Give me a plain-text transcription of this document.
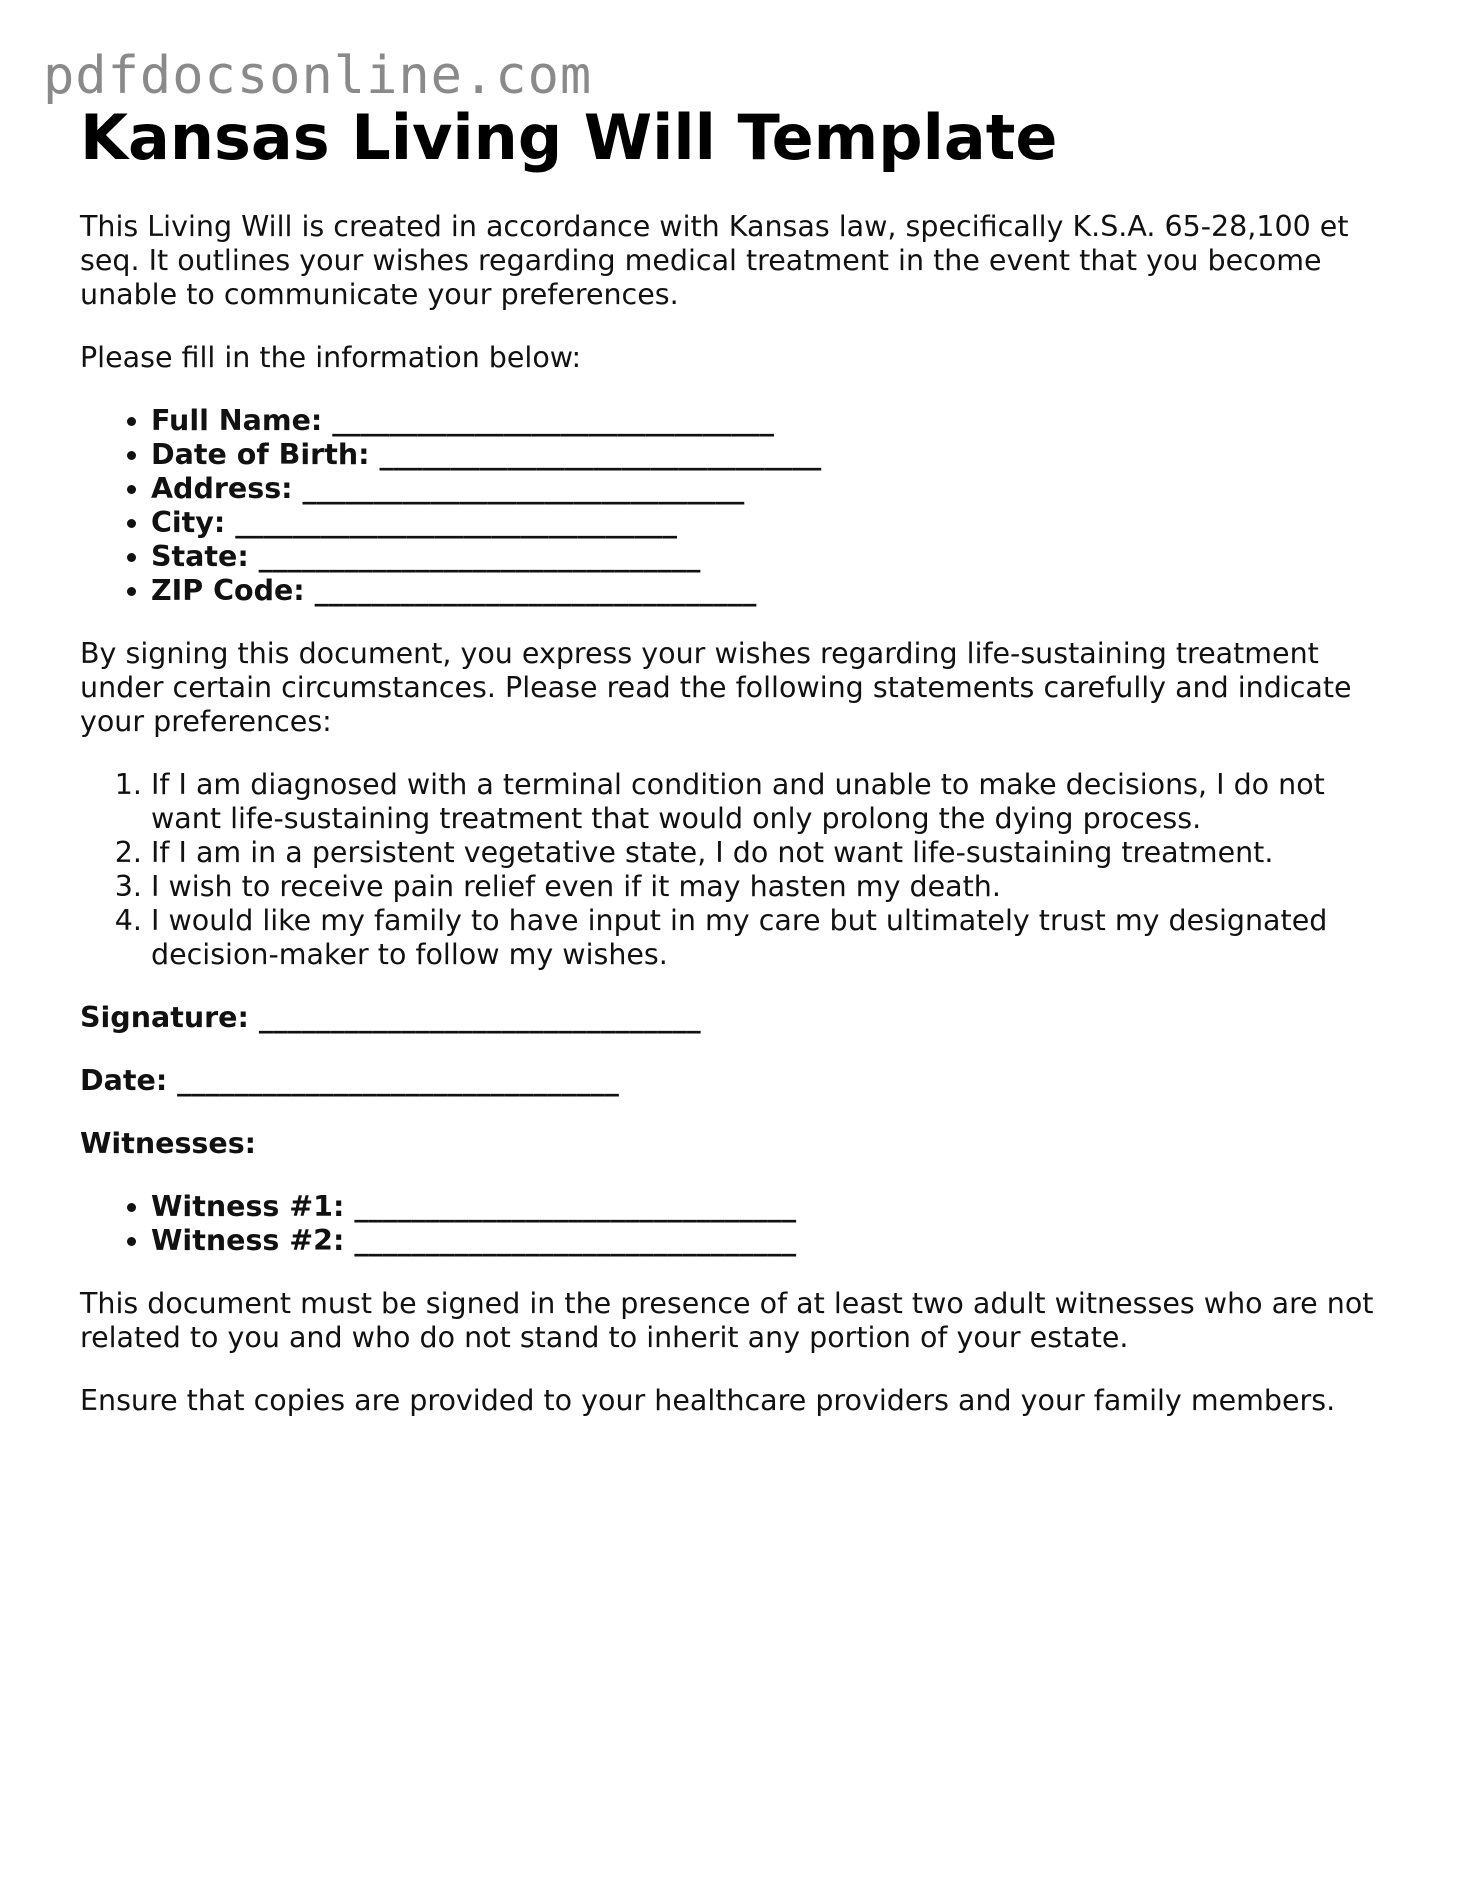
pdfdocsonline.com
Kansas Living Will Template

This Living Will is created in accordance with Kansas law, specifically K.S.A. 65-28,100 et seq. It outlines your wishes regarding medical treatment in the event that you become unable to communicate your preferences.

Please fill in the information below:

• Full Name: _______________________________
• Date of Birth: _______________________________
• Address: _______________________________
• City: _______________________________
• State: _______________________________
• ZIP Code: _______________________________

By signing this document, you express your wishes regarding life-sustaining treatment under certain circumstances. Please read the following statements carefully and indicate your preferences:

1. If I am diagnosed with a terminal condition and unable to make decisions, I do not want life-sustaining treatment that would only prolong the dying process.
2. If I am in a persistent vegetative state, I do not want life-sustaining treatment.
3. I wish to receive pain relief even if it may hasten my death.
4. I would like my family to have input in my care but ultimately trust my designated decision-maker to follow my wishes.

Signature: _______________________________

Date: _______________________________

Witnesses:

• Witness #1: _______________________________
• Witness #2: _______________________________

This document must be signed in the presence of at least two adult witnesses who are not related to you and who do not stand to inherit any portion of your estate.

Ensure that copies are provided to your healthcare providers and your family members.
